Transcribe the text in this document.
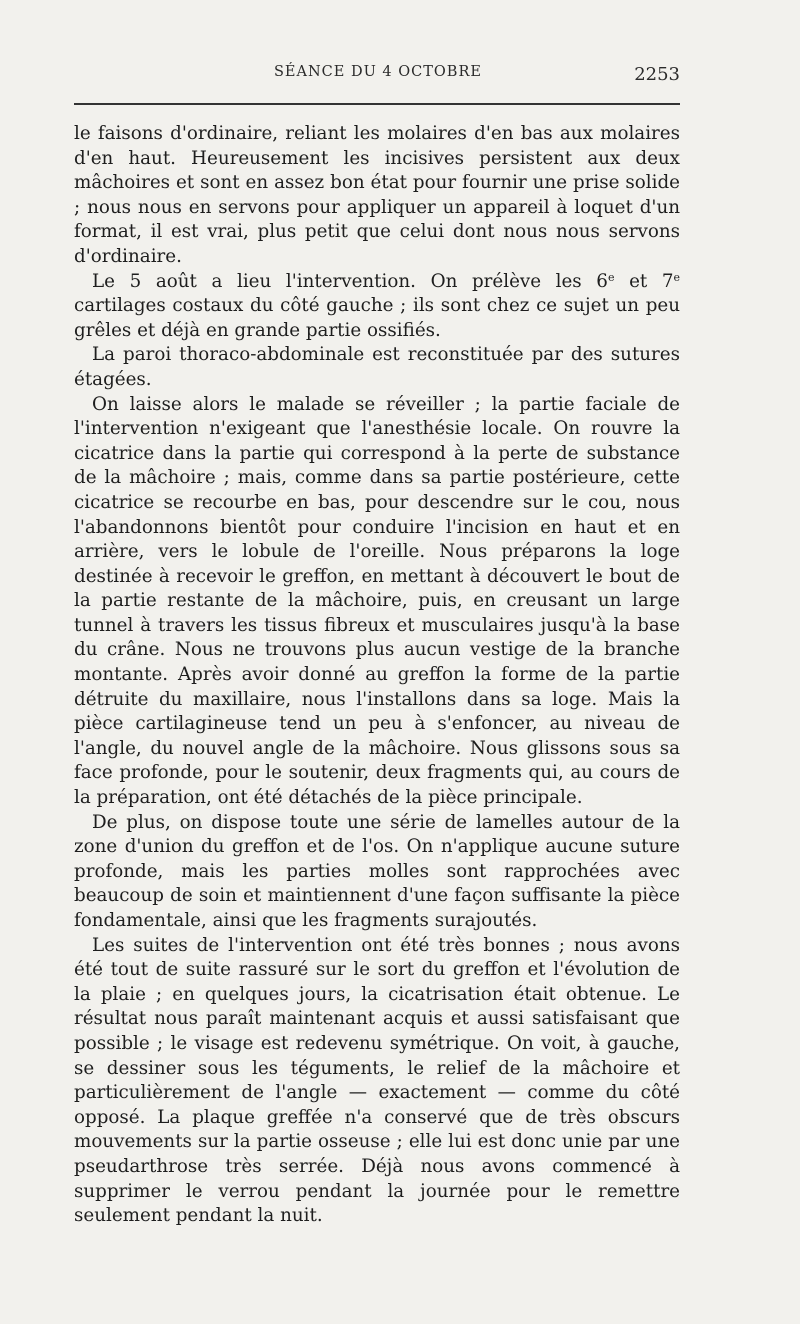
SÉANCE DU 4 OCTOBRE	2253

le faisons d'ordinaire, reliant les molaires d'en bas aux molaires d'en haut. Heureusement les incisives persistent aux deux mâchoires et sont en assez bon état pour fournir une prise solide ; nous nous en servons pour appliquer un appareil à loquet d'un format, il est vrai, plus petit que celui dont nous nous servons d'ordinaire.

Le 5 août a lieu l'intervention. On prélève les 6e et 7e cartilages costaux du côté gauche ; ils sont chez ce sujet un peu grêles et déjà en grande partie ossifiés.

La paroi thoraco-abdominale est reconstituée par des sutures étagées.

On laisse alors le malade se réveiller ; la partie faciale de l'intervention n'exigeant que l'anesthésie locale. On rouvre la cicatrice dans la partie qui correspond à la perte de substance de la mâchoire ; mais, comme dans sa partie postérieure, cette cicatrice se recourbe en bas, pour descendre sur le cou, nous l'abandonnons bientôt pour conduire l'incision en haut et en arrière, vers le lobule de l'oreille. Nous préparons la loge destinée à recevoir le greffon, en mettant à découvert le bout de la partie restante de la mâchoire, puis, en creusant un large tunnel à travers les tissus fibreux et musculaires jusqu'à la base du crâne. Nous ne trouvons plus aucun vestige de la branche montante. Après avoir donné au greffon la forme de la partie détruite du maxillaire, nous l'installons dans sa loge. Mais la pièce cartilagineuse tend un peu à s'enfoncer, au niveau de l'angle, du nouvel angle de la mâchoire. Nous glissons sous sa face profonde, pour le soutenir, deux fragments qui, au cours de la préparation, ont été détachés de la pièce principale.

De plus, on dispose toute une série de lamelles autour de la zone d'union du greffon et de l'os. On n'applique aucune suture profonde, mais les parties molles sont rapprochées avec beaucoup de soin et maintiennent d'une façon suffisante la pièce fondamentale, ainsi que les fragments surajoutés.

Les suites de l'intervention ont été très bonnes ; nous avons été tout de suite rassuré sur le sort du greffon et l'évolution de la plaie ; en quelques jours, la cicatrisation était obtenue. Le résultat nous paraît maintenant acquis et aussi satisfaisant que possible ; le visage est redevenu symétrique. On voit, à gauche, se dessiner sous les téguments, le relief de la mâchoire et particulièrement de l'angle — exactement — comme du côté opposé. La plaque greffée n'a conservé que de très obscurs mouvements sur la partie osseuse ; elle lui est donc unie par une pseudarthrose très serrée. Déjà nous avons commencé à supprimer le verrou pendant la journée pour le remettre seulement pendant la nuit.
